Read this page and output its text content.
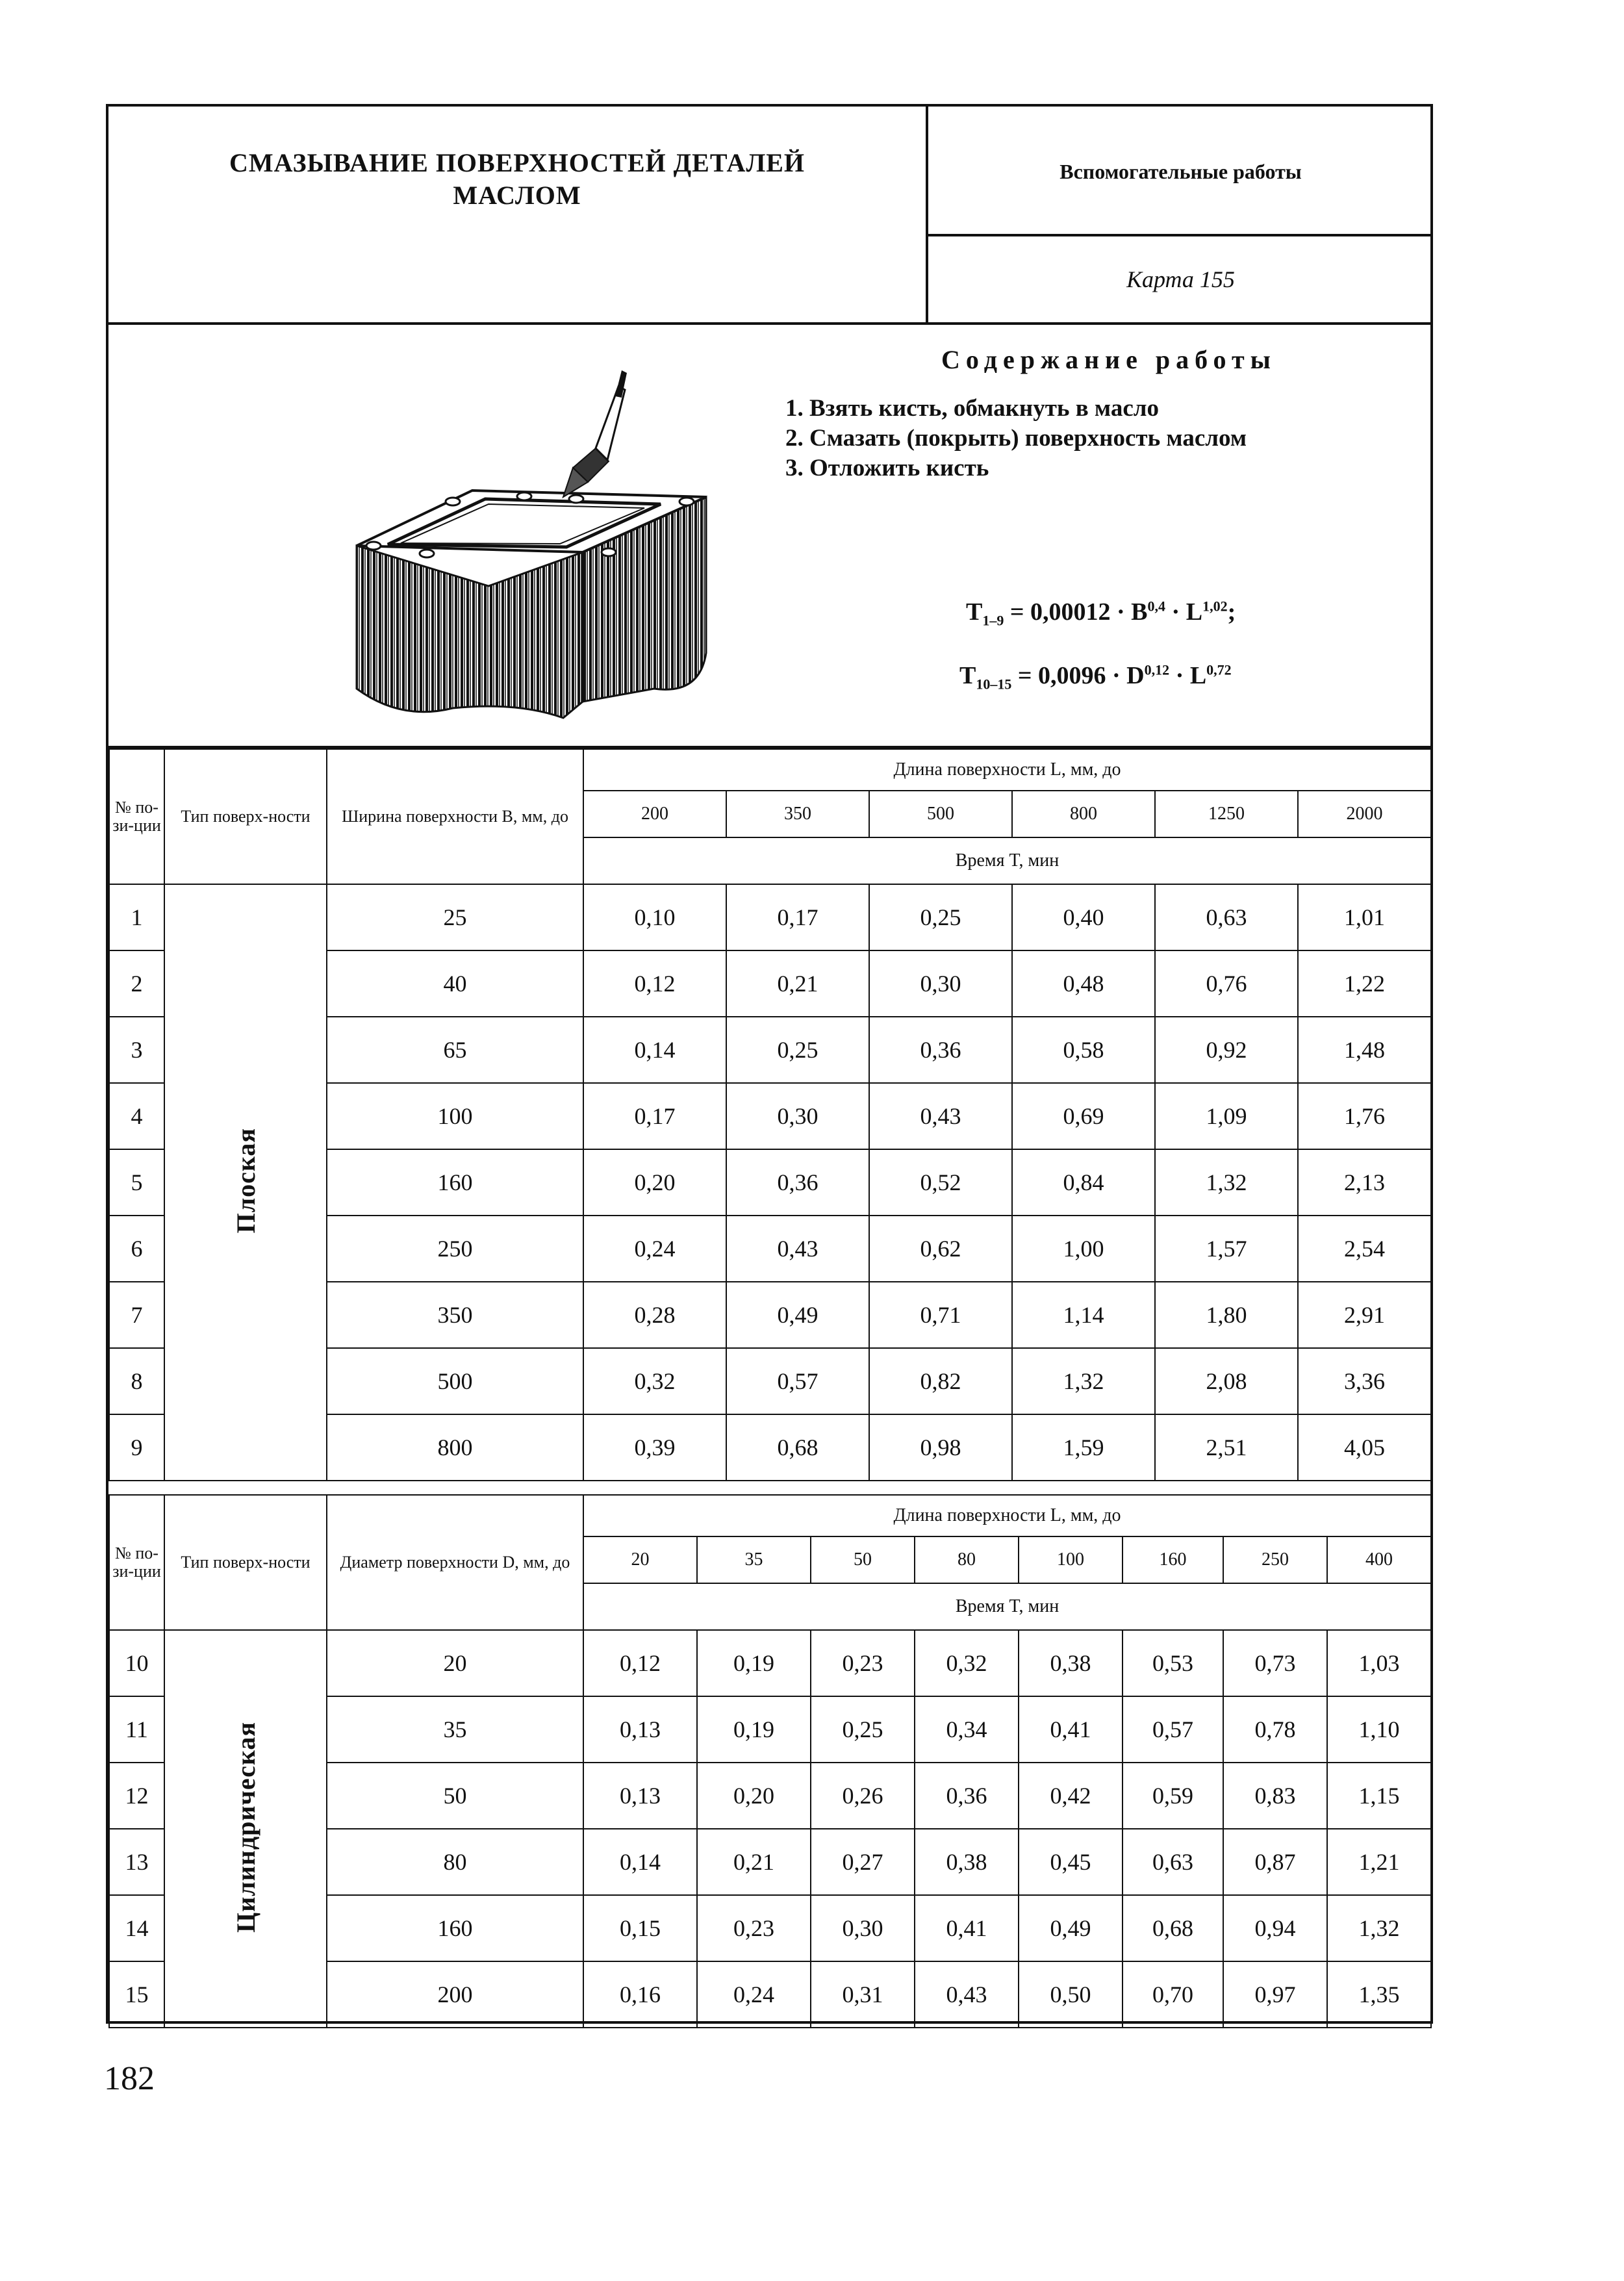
СМАЗЫВАНИЕ ПОВЕРХНОСТЕЙ ДЕТАЛЕЙ
МАСЛОМ
Вспомогательные работы
Карта 155
Содержание работы
1. Взять кисть, обмакнуть в масло
2. Смазать (покрыть) поверхность маслом
3. Отложить кисть
$T_{1-9} = 0,00012 \cdot B^{0,4} \cdot L^{1,02}$;
$T_{10-15} = 0,0096 \cdot D^{0,12} \cdot L^{0,72}$
№ по-зи-ции	Тип поверх-ности	Ширина поверхности B, мм, до	Длина поверхности L, мм, до					
			200	350	500	800	1250	2000
			Время T, мин					
1	Плоская	25	0,10	0,17	0,25	0,40	0,63	1,01
2		40	0,12	0,21	0,30	0,48	0,76	1,22
3		65	0,14	0,25	0,36	0,58	0,92	1,48
4		100	0,17	0,30	0,43	0,69	1,09	1,76
5		160	0,20	0,36	0,52	0,84	1,32	2,13
6		250	0,24	0,43	0,62	1,00	1,57	2,54
7		350	0,28	0,49	0,71	1,14	1,80	2,91
8		500	0,32	0,57	0,82	1,32	2,08	3,36
9		800	0,39	0,68	0,98	1,59	2,51	4,05
№ по-зи-ции	Тип поверх-ности	Диаметр поверхности D, мм, до	Длина поверхности L, мм, до							
			20	35	50	80	100	160	250	400
			Время T, мин							
10	Цилиндрическая	20	0,12	0,19	0,23	0,32	0,38	0,53	0,73	1,03
11		35	0,13	0,19	0,25	0,34	0,41	0,57	0,78	1,10
12		50	0,13	0,20	0,26	0,36	0,42	0,59	0,83	1,15
13		80	0,14	0,21	0,27	0,38	0,45	0,63	0,87	1,21
14		160	0,15	0,23	0,30	0,41	0,49	0,68	0,94	1,32
15		200	0,16	0,24	0,31	0,43	0,50	0,70	0,97	1,35
182
